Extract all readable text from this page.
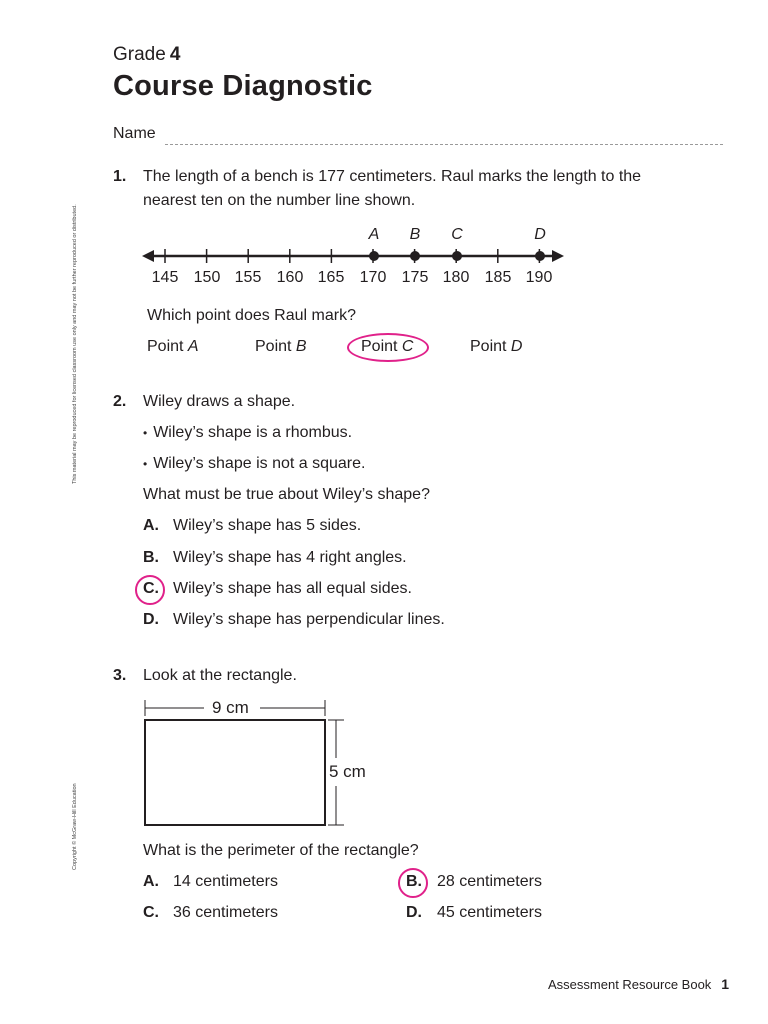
Grade 4
Course Diagnostic
Name
This material may be reproduced for licensed classroom use only and may not be further reproduced or distributed.
Copyright © McGraw-Hill Education
1. The length of a bench is 177 centimeters. Raul marks the length to the
nearest ten on the number line shown.
A B C	D
145 150 155 160 165 170 175 180 185 190
Which point does Raul mark?
Point A	Point B	Point C	Point D
2. Wiley draws a shape.
• Wiley’s shape is a rhombus.
• Wiley’s shape is not a square.
What must be true about Wiley’s shape?
A. Wiley’s shape has 5 sides.
B. Wiley’s shape has 4 right angles.
C. Wiley’s shape has all equal sides.
D. Wiley’s shape has perpendicular lines.
3. Look at the rectangle.
9 cm
5 cm
What is the perimeter of the rectangle?
A. 14 centimeters	B. 28 centimeters
C. 36 centimeters	D. 45 centimeters
Assessment Resource Book 1
